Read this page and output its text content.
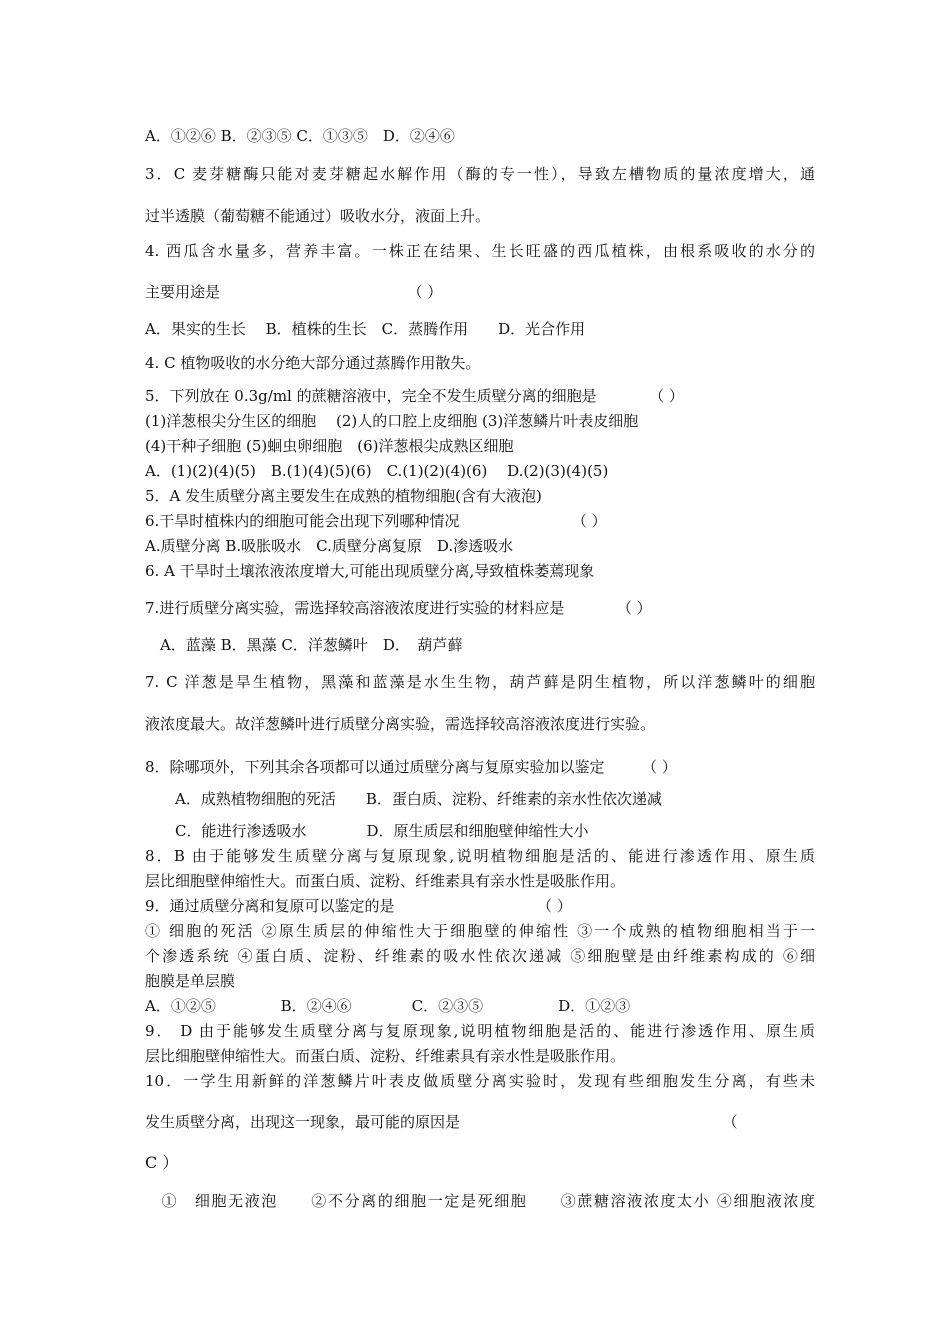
A．①②⑥ B．②③⑤ C．①③⑤　D．②④⑥
3．C 麦芽糖酶只能对麦芽糖起水解作用（酶的专一性），导致左槽物质的量浓度增大，通
过半透膜（葡萄糖不能通过）吸收水分，液面上升。
4. 西瓜含水量多，营养丰富。一株正在结果、生长旺盛的西瓜植株，由根系吸收的水分的
主要用途是　　　　　　　　　　　　　（ ）
A．果实的生长　 B．植株的生长　C．蒸腾作用　　D．光合作用
4. C 植物吸收的水分绝大部分通过蒸腾作用散失。
5．下列放在 0.3g/ml 的蔗糖溶液中，完全不发生质壁分离的细胞是　　　　（ ）
(1)洋葱根尖分生区的细胞　 (2)人的口腔上皮细胞 (3)洋葱鳞片叶表皮细胞
(4)干种子细胞 (5)蛔虫卵细胞　(6)洋葱根尖成熟区细胞
A．(1)(2)(4)(5)　B.(1)(4)(5)(6)　C.(1)(2)(4)(6)　 D.(2)(3)(4)(5)
5．A 发生质壁分离主要发生在成熟的植物细胞(含有大液泡)
6.干旱时植株内的细胞可能会出现下列哪种情况　　　　　　　　（ ）
A.质壁分离 B.吸胀吸水　C.质壁分离复原　D.渗透吸水
6. A 干旱时土壤浓液浓度增大,可能出现质壁分离,导致植株萎蔫现象
7.进行质壁分离实验，需选择较高溶液浓度进行实验的材料应是　　　　（ ）
　A．蓝藻 B．黑藻 C．洋葱鳞叶　D．　葫芦藓
7. C 洋葱是旱生植物，黑藻和蓝藻是水生生物，葫芦藓是阴生植物，所以洋葱鳞叶的细胞
液浓度最大。故洋葱鳞叶进行质壁分离实验，需选择较高溶液浓度进行实验。
8．除哪项外，下列其余各项都可以通过质壁分离与复原实验加以鉴定　　　（ ）
　　A．成熟植物细胞的死活　　B．蛋白质、淀粉、纤维素的亲水性依次递减
　　C．能进行渗透吸水　　　　D．原生质层和细胞壁伸缩性大小
8．B 由于能够发生质壁分离与复原现象,说明植物细胞是活的、能进行渗透作用、原生质
层比细胞壁伸缩性大。而蛋白质、淀粉、纤维素具有亲水性是吸胀作用。
9．通过质壁分离和复原可以鉴定的是　　　　　　　　　　（ ）
① 细胞的死活 ②原生质层的伸缩性大于细胞壁的伸缩性 ③一个成熟的植物细胞相当于一
个渗透系统 ④蛋白质、淀粉、纤维素的吸水性依次递减 ⑤细胞壁是由纤维素构成的 ⑥细
胞膜是单层膜
A．①②⑤　　　　 B．②④⑥　　　　C．②③⑤　　　　　D．①②③
9． D 由于能够发生质壁分离与复原现象,说明植物细胞是活的、能进行渗透作用、原生质
层比细胞壁伸缩性大。而蛋白质、淀粉、纤维素具有亲水性是吸胀作用。
10．一学生用新鲜的洋葱鳞片叶表皮做质壁分离实验时，发现有些细胞发生分离，有些未
发生质壁分离，出现这一现象，最可能的原因是　　　　　　　　　　　　　　　　　　（
C ）
　①　细胞无液泡　　②不分离的细胞一定是死细胞　　③蔗糖溶液浓度太小 ④细胞液浓度
